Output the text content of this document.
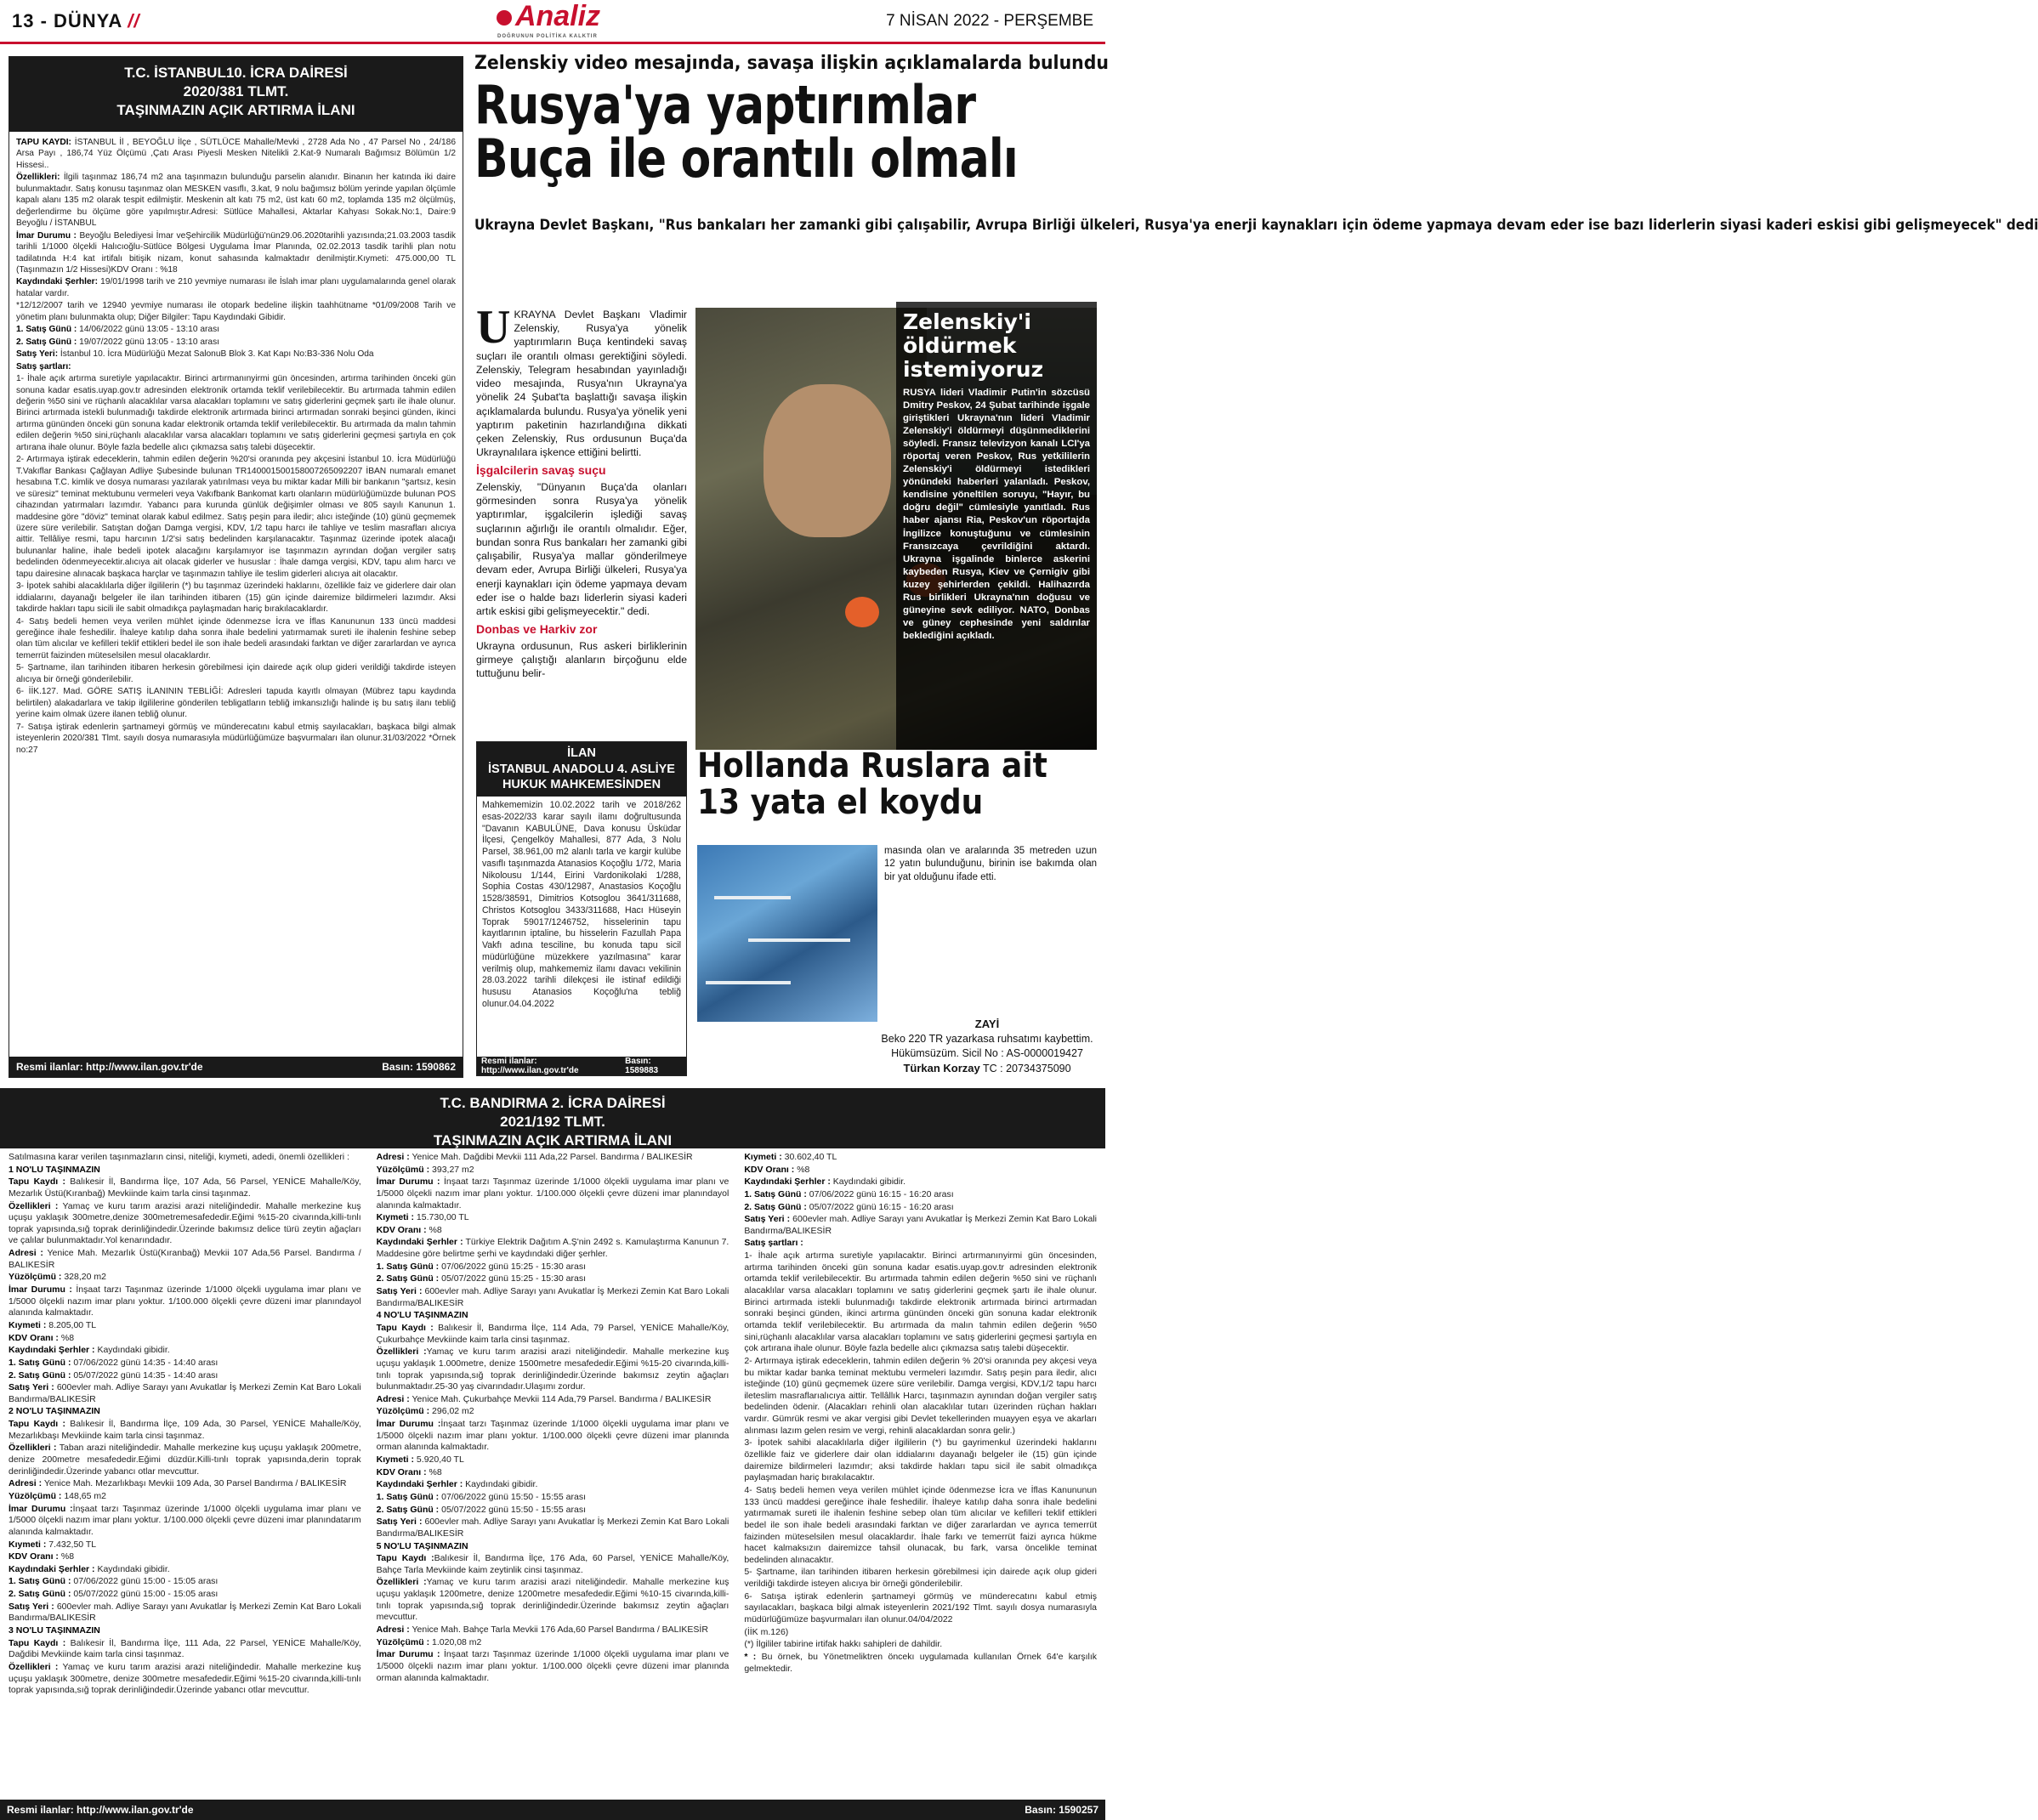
13 - DÜNYA //	Analiz
DOĞRUNUN POLİTİKA KALKTIR
7 NİSAN 2022 - PERŞEMBE
T.C. İSTANBUL10. İCRA DAİRESİ
2020/381 TLMT.
TAŞINMAZIN AÇIK ARTIRMA İLANI

TAPU KAYDI: İSTANBUL İl , BEYOĞLU İlçe , SÜTLÜCE Mahalle/Mevki , 2728 Ada No , 47 Parsel No , 24/186 Arsa Payı , 186,74 Yüz Ölçümü ,Çatı Arası Piyesli Mesken Nitelikli 2.Kat-9 Numaralı Bağımsız Bölümün 1/2 Hissesi..

Özellikleri: İlgili taşınmaz 186,74 m2 ana taşınmazın bulunduğu parselin alanıdır. Binanın her katında iki daire bulunmaktadır. Satış konusu taşınmaz olan MESKEN vasıflı, 3.kat, 9 nolu bağımsız bölüm yerinde yapılan ölçümle kapalı alanı 135 m2 olarak tespit edilmiştir. Meskenin alt katı 75 m2, üst katı 60 m2, toplamda 135 m2 ölçülmüş, değerlendirme bu ölçüme göre yapılmıştır.Adresi: Sütlüce Mahallesi, Aktarlar Kahyası Sokak.No:1, Daire:9 Beyoğlu / İSTANBUL

İmar Durumu : Beyoğlu Belediyesi İmar veŞehircilik Müdürlüğü'nün29.06.2020tarihli yazısında;21.03.2003 tasdik tarihli 1/1000 ölçekli Halıcıoğlu-Sütlüce Bölgesi Uygulama İmar Planında, 02.02.2013 tasdik tarihli plan notu tadilatında H:4 kat irtifalı bitişik nizam, konut sahasında kalmaktadır denilmiştir.Kıymeti: 475.000,00 TL (Taşınmazın 1/2 Hissesi)KDV Oranı : %18

Kaydındaki Şerhler: 19/01/1998 tarih ve 210 yevmiye numarası ile İslah imar planı uygulamalarında genel olarak hatalar vardır.

*12/12/2007 tarih ve 12940 yevmiye numarası ile otopark bedeline ilişkin taahhütname *01/09/2008 Tarih ve yönetim planı bulunmakta olup; Diğer Bilgiler: Tapu Kaydındaki Gibidir.

1. Satış Günü : 14/06/2022 günü 13:05 - 13:10 arası

2. Satış Günü : 19/07/2022 günü 13:05 - 13:10 arası

Satış Yeri: İstanbul 10. İcra Müdürlüğü Mezat SalonuB Blok 3. Kat Kapı No:B3-336 Nolu Oda

Satış şartları:

1- İhale açık artırma suretiyle yapılacaktır. Birinci artırmanınyirmi gün öncesinden, artırma tarihinden önceki gün sonuna kadar esatis.uyap.gov.tr adresinden elektronik ortamda teklif verilebilecektir. Bu artırmada tahmin edilen değerin %50 sini ve rüçhanlı alacaklılar varsa alacakları toplamını ve satış giderlerini geçmek şartı ile ihale olunur. Birinci artırmada istekli bulunmadığı takdirde elektronik artırmada birinci artırmadan sonraki beşinci günden, ikinci artırma gününden önceki gün sonuna kadar elektronik ortamda teklif verilebilecektir. Bu artırmada da malın tahmin edilen değerin %50 sini,rüçhanlı alacaklılar varsa alacakları toplamını ve satış giderlerini geçmesi şartıyla en çok artırana ihale olunur. Böyle fazla bedelle alıcı çıkmazsa satış talebi düşecektir.

2- Artırmaya iştirak edeceklerin, tahmin edilen değerin %20'si oranında pey akçesini İstanbul 10. İcra Müdürlüğü T.Vakıflar Bankası Çağlayan Adliye Şubesinde bulunan TR140001500158007265092207 İBAN numaralı emanet hesabına T.C. kimlik ve dosya numarası yazılarak yatırılması veya bu miktar kadar Milli bir bankanın "şartsız, kesin ve süresiz" teminat mektubunu vermeleri veya Vakıfbank Bankomat kartı olanların müdürlüğümüzde bulunan POS cihazından yatırmaları lazımdır. Yabancı para kurunda günlük değişimler olması ve 805 sayılı Kanunun 1. maddesine göre "döviz" teminat olarak kabul edilmez. Satış peşin para iledir; alıcı isteğinde (10) günü geçmemek üzere süre verilebilir. Satıştan doğan Damga vergisi, KDV, 1/2 tapu harcı ile tahliye ve teslim masrafları alıcıya aittir. Tellâliye resmi, tapu harcının 1/2'si satış bedelinden karşılanacaktır. Taşınmaz üzerinde ipotek alacağı bulunanlar haline, ihale bedeli ipotek alacağını karşılamıyor ise taşınmazın ayrından doğan vergiler satış bedelinden ödenmeyecektir.alıcıya ait olacak giderler ve hususlar : İhale damga vergisi, KDV, tapu alım harcı ve tapu dairesine alınacak başkaca harçlar ve taşınmazın tahliye ile teslim giderleri alıcıya ait olacaktır.

3- İpotek sahibi alacaklılarla diğer ilgililerin (*) bu taşınmaz üzerindeki haklarını, özellikle faiz ve giderlere dair olan iddialarını, dayanağı belgeler ile ilan tarihinden itibaren (15) gün içinde dairemize bildirmeleri lazımdır. Aksi takdirde hakları tapu sicili ile sabit olmadıkça paylaşmadan hariç bırakılacaklardır.

4- Satış bedeli hemen veya verilen mühlet içinde ödenmezse İcra ve İflas Kanununun 133 üncü maddesi gereğince ihale feshedilir. İhaleye katılıp daha sonra ihale bedelini yatırmamak sureti ile ihalenin feshine sebep olan tüm alıcılar ve kefilleri teklif ettikleri bedel ile son ihale bedeli arasındaki farktan ve diğer zararlardan ve ayrıca temerrüt faizinden müteselsilen mesul olacaklardır.

5- Şartname, ilan tarihinden itibaren herkesin görebilmesi için dairede açık olup gideri verildiği takdirde isteyen alıcıya bir örneği gönderilebilir.

6- İİK.127. Mad. GÖRE SATIŞ İLANININ TEBLİĞİ: Adresleri tapuda kayıtlı olmayan (Mübrez tapu kaydında belirtilen) alakadarlara ve takip ilgililerine gönderilen tebligatların tebliğ imkansızlığı halinde iş bu satış ilanı tebliğ yerine kaim olmak üzere ilanen tebliğ olunur.

7- Satışa iştirak edenlerin şartnameyi görmüş ve münderecatını kabul etmiş sayılacakları, başkaca bilgi almak isteyenlerin 2020/381 Tlmt. sayılı dosya numarasıyla müdürlüğümüze başvurmaları ilan olunur.31/03/2022 *Örnek no:27

Resmi ilanlar: http://www.ilan.gov.tr'de	Basın: 1590862
Zelenskiy video mesajında, savaşa ilişkin açıklamalarda bulundu
Rusya'ya yaptırımlar
Buça ile orantılı olmalı
Ukrayna Devlet Başkanı, "Rus bankaları her zamanki gibi çalışabilir, Avrupa Birliği ülkeleri, Rusya'ya enerji kaynakları için ödeme yapmaya devam eder ise bazı liderlerin siyasi kaderi eskisi gibi gelişmeyecek" dedi
U KRAYNA Devlet Başkanı Vladimir Zelenskiy, Rusya'ya yönelik yaptırımların Buça kentindeki savaş suçları ile orantılı olması gerektiğini söyledi. Zelenskiy, Telegram hesabından yayınladığı video mesajında, Rusya'nın Ukrayna'ya yönelik 24 Şubat'ta başlattığı savaşa ilişkin açıklamalarda bulundu. Rusya'ya yönelik yeni yaptırım paketinin hazırlandığına dikkati çeken Zelenskiy, Rus ordusunun Buça'da Ukraynalılara işkence ettiğini belirtti.

İşgalcilerin savaş suçu

Zelenskiy, "Dünyanın Buça'da olanları görmesinden sonra Rusya'ya yönelik yaptırımlar, işgalcilerin işlediği savaş suçlarının ağırlığı ile orantılı olmalıdır. Eğer, bundan sonra Rus bankaları her zamanki gibi çalışabilir, Rusya'ya mallar gönderilmeye devam eder, Avrupa Birliği ülkeleri, Rusya'ya enerji kaynakları için ödeme yapmaya devam eder ise o halde bazı liderlerin siyasi kaderi artık eskisi gibi gelişmeyecektir." dedi.

Donbas ve Harkiv zor

Ukrayna ordusunun, Rus askeri birliklerinin girmeye çalıştığı alanların birçoğunu elde tuttuğunu belir-

Zelenskiy'i öldürmek istemiyoruz
RUSYA lideri Vladimir Putin'in sözcüsü Dmitry Peskov, 24 Şubat tarihinde işgale giriştikleri Ukrayna'nın lideri Vladimir Zelenskiy'i öldürmeyi düşünmediklerini söyledi. Fransız televizyon kanalı LCI'ya röportaj veren Peskov, Rus yetkililerin Zelenskiy'i öldürmeyi istedikleri yönündeki haberleri yalanladı. Peskov, kendisine yöneltilen soruyu, "Hayır, bu doğru değil" cümlesiyle yanıtladı. Rus haber ajansı Ria, Peskov'un röportajda İngilizce konuştuğunu ve cümlesinin Fransızcaya çevrildiğini aktardı. Ukrayna işgalinde binlerce askerini kaybeden Rusya, Kiev ve Çernigiv gibi kuzey şehirlerden çekildi. Halihazırda Rus birlikleri Ukrayna'nın doğusu ve güneyine sevk ediliyor. NATO, Donbas ve güney cephesinde yeni saldırılar beklediğini açıkladı.
İLAN
İSTANBUL ANADOLU 4. ASLİYE
HUKUK MAHKEMESİNDEN
Mahkememizin 10.02.2022 tarih ve 2018/262 esas-2022/33 karar sayılı ilamı doğrultusunda "Davanın KABULÜNE, Dava konusu Üsküdar İlçesi, Çengelköy Mahallesi, 877 Ada, 3 Nolu Parsel, 38.961,00 m2 alanlı tarla ve kargir kulübe vasıflı taşınmazda Atanasios Koçoğlu 1/72, Maria Nikolousu 1/144, Eirini Vardonikolaki 1/288, Sophia Costas 430/12987, Anastasios Koçoğlu 1528/38591, Dimitrios Kotsoglou 3641/311688, Christos Kotsoglou 3433/311688, Hacı Hüseyin Toprak 59017/1246752, hisselerinin tapu kayıtlarının iptaline, bu hisselerin Fazullah Papa Vakfı adına tesciline, bu konuda tapu sicil müdürlüğüne müzekkere yazılmasına" karar verilmiş olup, mahkememiz ilamı davacı vekilinin 28.03.2022 tarihli dilekçesi ile istinaf edildiği hususu Atanasios Koçoğlu'na tebliğ olunur.04.04.2022
Resmi ilanlar: http://www.ilan.gov.tr'de
Basın: 1589883
Hollanda Ruslara ait 13 yata el koydu

masında olan ve aralarında 35 metreden uzun 12 yatın bulunduğunu, birinin ise bakımda olan bir yat olduğunu ifade etti.

ZAYİ
Beko 220 TR yazarkasa ruhsatımı kaybettim.
Hükümsüzüm. Sicil No : AS-0000019427
Türkan Korzay TC : 20734375090
T.C. BANDIRMA 2. İCRA DAİRESİ
2021/192 TLMT.
TAŞINMAZIN AÇIK ARTIRMA İLANI

Satılmasına karar verilen taşınmazların cinsi, niteliği, kıymeti, adedi, önemli özellikleri :

1 NO'LU TAŞINMAZIN

Tapu Kaydı : Balıkesir İl, Bandırma İlçe, 107 Ada, 56 Parsel, YENİCE Mahalle/Köy, Mezarlık Üstü(Kıranbağ) Mevkiinde kaim tarla cinsi taşınmaz.

Özellikleri : Yamaç ve kuru tarım arazisi arazi niteliğindedir. Mahalle merkezine kuş uçuşu yaklaşık 300metre,denize 300metremesafededir.Eğimi %15-20 civarında,killi-tınlı toprak yapısında,sığ toprak derinliğindedir.Üzerinde bakımsız delice türü zeytin ağaçları ve çalılar bulunmaktadır.Yol kenarındadır.

Adresi : Yenice Mah. Mezarlık Üstü(Kıranbağ) Mevkii 107 Ada,56 Parsel. Bandırma / BALIKESİR

Yüzölçümü : 328,20 m2

İmar Durumu : İnşaat tarzı Taşınmaz üzerinde 1/1000 ölçekli uygulama imar planı ve 1/5000 ölçekli nazım imar planı yoktur. 1/100.000 ölçekli çevre düzeni imar planındayol alanında kalmaktadır.

Kıymeti : 8.205,00 TL

KDV Oranı : %8

Kaydındaki Şerhler : Kaydındaki gibidir.

1. Satış Günü : 07/06/2022 günü 14:35 - 14:40 arası

2. Satış Günü : 05/07/2022 günü 14:35 - 14:40 arası

Satış Yeri : 600evler mah. Adliye Sarayı yanı Avukatlar İş Merkezi Zemin Kat Baro Lokali Bandırma/BALIKESİR

2 NO'LU TAŞINMAZIN

Tapu Kaydı : Balıkesir İl, Bandırma İlçe, 109 Ada, 30 Parsel, YENİCE Mahalle/Köy, Mezarlıkbaşı Mevkiinde kaim tarla cinsi taşınmaz.

Özellikleri : Taban arazi niteliğindedir. Mahalle merkezine kuş uçuşu yaklaşık 200metre, denize 200metre mesafededir.Eğimi düzdür.Killi-tınlı toprak yapısında,derin toprak derinliğindedir.Üzerinde yabancı otlar mevcuttur.

Adresi : Yenice Mah. Mezarlıkbaşı Mevkii 109 Ada, 30 Parsel Bandırma / BALIKESİR

Yüzölçümü : 148,65 m2

İmar Durumu :İnşaat tarzı Taşınmaz üzerinde 1/1000 ölçekli uygulama imar planı ve 1/5000 ölçekli nazım imar planı yoktur. 1/100.000 ölçekli çevre düzeni imar planındatarım alanında kalmaktadır.

Kıymeti : 7.432,50 TL

KDV Oranı : %8

Kaydındaki Şerhler : Kaydındaki gibidir.

1. Satış Günü : 07/06/2022 günü 15:00 - 15:05 arası

2. Satış Günü : 05/07/2022 günü 15:00 - 15:05 arası

Satış Yeri : 600evler mah. Adliye Sarayı yanı Avukatlar İş Merkezi Zemin Kat Baro Lokali Bandırma/BALIKESİR

3 NO'LU TAŞINMAZIN

Tapu Kaydı : Balıkesir İl, Bandırma İlçe, 111 Ada, 22 Parsel, YENİCE Mahalle/Köy, Dağdibi Mevkiinde kaim tarla cinsi taşınmaz.

Özellikleri : Yamaç ve kuru tarım arazisi arazi niteliğindedir. Mahalle merkezine kuş uçuşu yaklaşık 300metre, denize 300metre mesafededir.Eğimi %15-20 civarında,killi-tınlı toprak yapısında,sığ toprak derinliğindedir.Üzerinde yabancı otlar mevcuttur.

Adresi : Yenice Mah. Dağdibi Mevkii 111 Ada,22 Parsel. Bandırma / BALIKESİR

Yüzölçümü : 393,27 m2

İmar Durumu : İnşaat tarzı Taşınmaz üzerinde 1/1000 ölçekli uygulama imar planı ve 1/5000 ölçekli nazım imar planı yoktur. 1/100.000 ölçekli çevre düzeni imar planındayol alanında kalmaktadır.

Kıymeti : 15.730,00 TL

KDV Oranı : %8

Kaydındaki Şerhler : Türkiye Elektrik Dağıtım A.Ş'nin 2492 s. Kamulaştırma Kanunun 7. Maddesine göre belirtme şerhi ve kaydındaki diğer şerhler.

1. Satış Günü : 07/06/2022 günü 15:25 - 15:30 arası

2. Satış Günü : 05/07/2022 günü 15:25 - 15:30 arası

Satış Yeri : 600evler mah. Adliye Sarayı yanı Avukatlar İş Merkezi Zemin Kat Baro Lokali Bandırma/BALIKESİR

4 NO'LU TAŞINMAZIN

Tapu Kaydı : Balıkesir İl, Bandırma İlçe, 114 Ada, 79 Parsel, YENİCE Mahalle/Köy, Çukurbahçe Mevkiinde kaim tarla cinsi taşınmaz.

Özellikleri :Yamaç ve kuru tarım arazisi arazi niteliğindedir. Mahalle merkezine kuş uçuşu yaklaşık 1.000metre, denize 1500metre mesafededir.Eğimi %15-20 civarında,killi-tınlı toprak yapısında,sığ toprak derinliğindedir.Üzerinde bakımsız zeytin ağaçları bulunmaktadır.25-30 yaş civarındadır.Ulaşımı zordur.

Adresi : Yenice Mah. Çukurbahçe Mevkii 114 Ada,79 Parsel. Bandırma / BALIKESİR

Yüzölçümü : 296,02 m2

İmar Durumu :İnşaat tarzı Taşınmaz üzerinde 1/1000 ölçekli uygulama imar planı ve 1/5000 ölçekli nazım imar planı yoktur. 1/100.000 ölçekli çevre düzeni imar planında orman alanında kalmaktadır.

Kıymeti : 5.920,40 TL

KDV Oranı : %8

Kaydındaki Şerhler : Kaydındaki gibidir.

1. Satış Günü : 07/06/2022 günü 15:50 - 15:55 arası

2. Satış Günü : 05/07/2022 günü 15:50 - 15:55 arası

Satış Yeri : 600evler mah. Adliye Sarayı yanı Avukatlar İş Merkezi Zemin Kat Baro Lokali Bandırma/BALIKESİR

5 NO'LU TAŞINMAZIN

Tapu Kaydı :Balıkesir İl, Bandırma İlçe, 176 Ada, 60 Parsel, YENİCE Mahalle/Köy, Bahçe Tarla Mevkiinde kaim zeytinlik cinsi taşınmaz.

Özellikleri :Yamaç ve kuru tarım arazisi arazi niteliğindedir. Mahalle merkezine kuş uçuşu yaklaşık 1200metre, denize 1200metre mesafededir.Eğimi %10-15 civarında,killi-tınlı toprak yapısında,sığ toprak derinliğindedir.Üzerinde bakımsız zeytin ağaçları mevcuttur.

Adresi : Yenice Mah. Bahçe Tarla Mevkii 176 Ada,60 Parsel Bandırma / BALIKESİR

Yüzölçümü : 1.020,08 m2

İmar Durumu : İnşaat tarzı Taşınmaz üzerinde 1/1000 ölçekli uygulama imar planı ve 1/5000 ölçekli nazım imar planı yoktur. 1/100.000 ölçekli çevre düzeni imar planında orman alanında kalmaktadır.

Kıymeti : 30.602,40 TL

KDV Oranı : %8

Kaydındaki Şerhler : Kaydındaki gibidir.

1. Satış Günü : 07/06/2022 günü 16:15 - 16:20 arası

2. Satış Günü : 05/07/2022 günü 16:15 - 16:20 arası

Satış Yeri : 600evler mah. Adliye Sarayı yanı Avukatlar İş Merkezi Zemin Kat Baro Lokali Bandırma/BALIKESİR

Satış şartları :

1- İhale açık artırma suretiyle yapılacaktır. Birinci artırmanınyirmi gün öncesinden, artırma tarihinden önceki gün sonuna kadar esatis.uyap.gov.tr adresinden elektronik ortamda teklif verilebilecektir. Bu artırmada tahmin edilen değerin %50 sini ve rüçhanlı alacaklılar varsa alacakları toplamını ve satış giderlerini geçmek şartı ile ihale olunur. Birinci artırmada istekli bulunmadığı takdirde elektronik artırmada birinci artırmadan sonraki beşinci günden, ikinci artırma gününden önceki gün sonuna kadar elektronik ortamda teklif verilebilecektir. Bu artırmada da malın tahmin edilen değerin %50 sini,rüçhanlı alacaklılar varsa alacakları toplamını ve satış giderlerini geçmesi şartıyla en çok artırana ihale olunur. Böyle fazla bedelle alıcı çıkmazsa satış talebi düşecektir.

2- Artırmaya iştirak edeceklerin, tahmin edilen değerin % 20'si oranında pey akçesi veya bu miktar kadar banka teminat mektubu vermeleri lazımdır. Satış peşin para iledir, alıcı isteğinde (10) günü geçmemek üzere süre verilebilir. Damga vergisi, KDV,1/2 tapu harcı ileteslim masraflarıalıcıya aittir. Tellâllık Harcı, taşınmazın aynından doğan vergiler satış bedelinden ödenir. (Alacakları rehinli olan alacaklılar tutarı üzerinden rüçhan hakları vardır. Gümrük resmi ve akar vergisi gibi Devlet tekellerinden muayyen eşya ve akarları alınması lazım gelen resim ve vergi, rehinli alacaklardan sonra gelir.)

3- İpotek sahibi alacaklılarla diğer ilgililerin (*) bu gayrimenkul üzerindeki haklarını özellikle faiz ve giderlere dair olan iddialarını dayanağı belgeler ile (15) gün içinde dairemize bildirmeleri lazımdır; aksi takdirde hakları tapu sicil ile sabit olmadıkça paylaşmadan hariç bırakılacaktır.

4- Satış bedeli hemen veya verilen mühlet içinde ödenmezse İcra ve İflas Kanununun 133 üncü maddesi gereğince ihale feshedilir. İhaleye katılıp daha sonra ihale bedelini yatırmamak sureti ile ihalenin feshine sebep olan tüm alıcılar ve kefilleri teklif ettikleri bedel ile son ihale bedeli arasındaki farktan ve diğer zararlardan ve ayrıca temerrüt faizinden müteselsilen mesul olacaklardır. İhale farkı ve temerrüt faizi ayrıca hükme hacet kalmaksızın dairemizce tahsil olunacak, bu fark, varsa öncelikle teminat bedelinden alınacaktır.

5- Şartname, ilan tarihinden itibaren herkesin görebilmesi için dairede açık olup gideri verildiği takdirde isteyen alıcıya bir örneği gönderilebilir.

6- Satışa iştirak edenlerin şartnameyi görmüş ve münderecatını kabul etmiş sayılacakları, başkaca bilgi almak isteyenlerin 2021/192 Tlmt. sayılı dosya numarasıyla müdürlüğümüze başvurmaları ilan olunur.04/04/2022

(İİK m.126)

(*) İlgililer tabirine irtifak hakkı sahipleri de dahildir.

* : Bu örnek, bu Yönetmeliktren öncekı uygulamada kullanılan Örnek 64'e karşılık gelmektedir.

Resmi ilanlar: http://www.ilan.gov.tr'de	Basın: 1590257
